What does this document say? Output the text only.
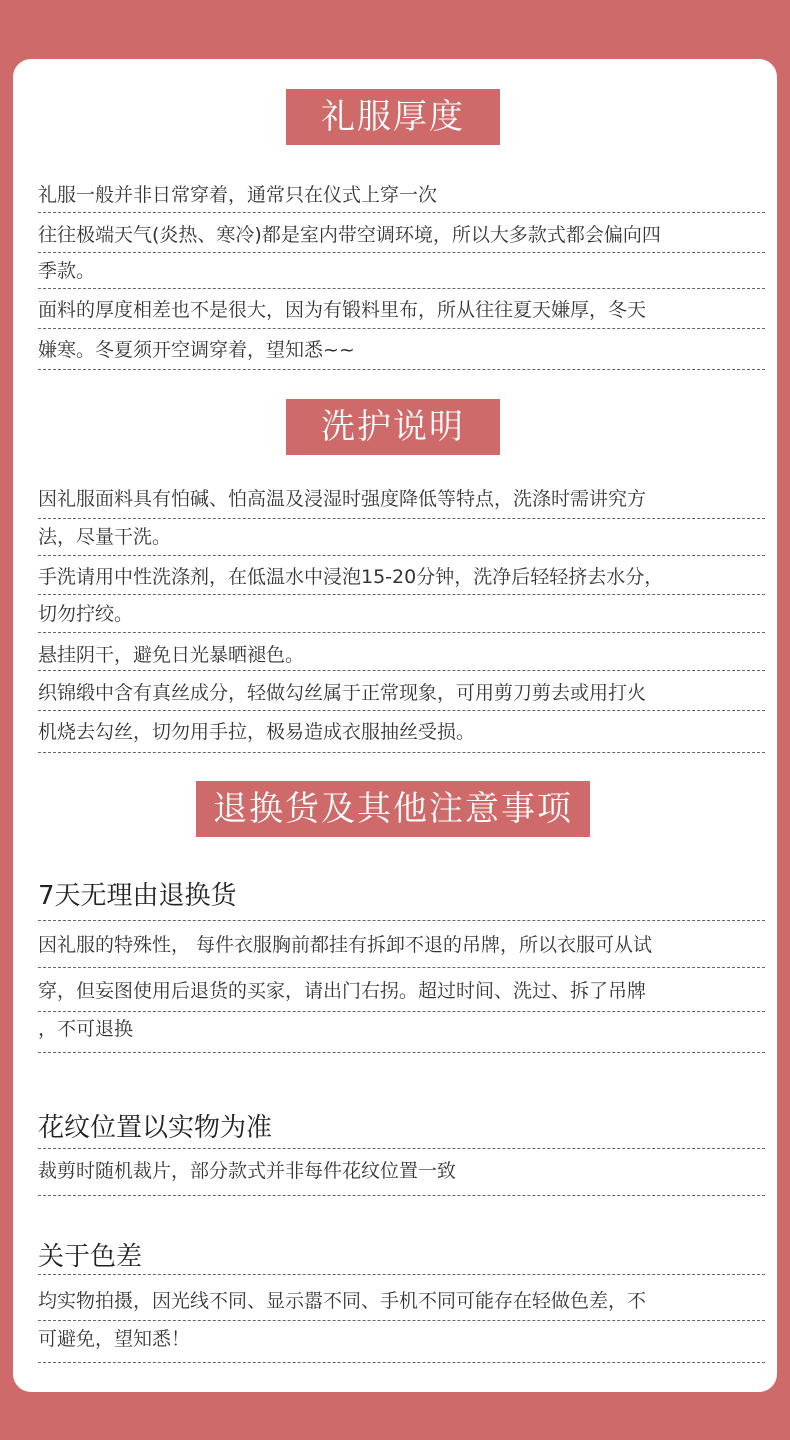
礼服厚度
礼服一般并非日常穿着，通常只在仪式上穿一次
往往极端天气(炎热、寒冷)都是室内带空调环境，所以大多款式都会偏向四
季款。
面料的厚度相差也不是很大，因为有锻料里布，所从往往夏天嫌厚，冬天
嫌寒。冬夏须开空调穿着，望知悉~~
洗护说明
因礼服面料具有怕碱、怕高温及浸湿时强度降低等特点，洗涤时需讲究方
法，尽量干洗。
手洗请用中性洗涤剂，在低温水中浸泡15-20分钟，洗净后轻轻挤去水分，
切勿拧绞。
悬挂阴干，避免日光暴晒褪色。
织锦缎中含有真丝成分，轻做勾丝属于正常现象，可用剪刀剪去或用打火
机烧去勾丝，切勿用手拉，极易造成衣服抽丝受损。
退换货及其他注意事项
7天无理由退换货
因礼服的特殊性， 每件衣服胸前都挂有拆卸不退的吊牌，所以衣服可从试
穿，但妄图使用后退货的买家，请出门右拐。超过时间、洗过、拆了吊牌
，不可退换
花纹位置以实物为准
裁剪时随机裁片，部分款式并非每件花纹位置一致
关于色差
均实物拍摄，因光线不同、显示嚣不同、手机不同可能存在轻做色差，不
可避免，望知悉！
